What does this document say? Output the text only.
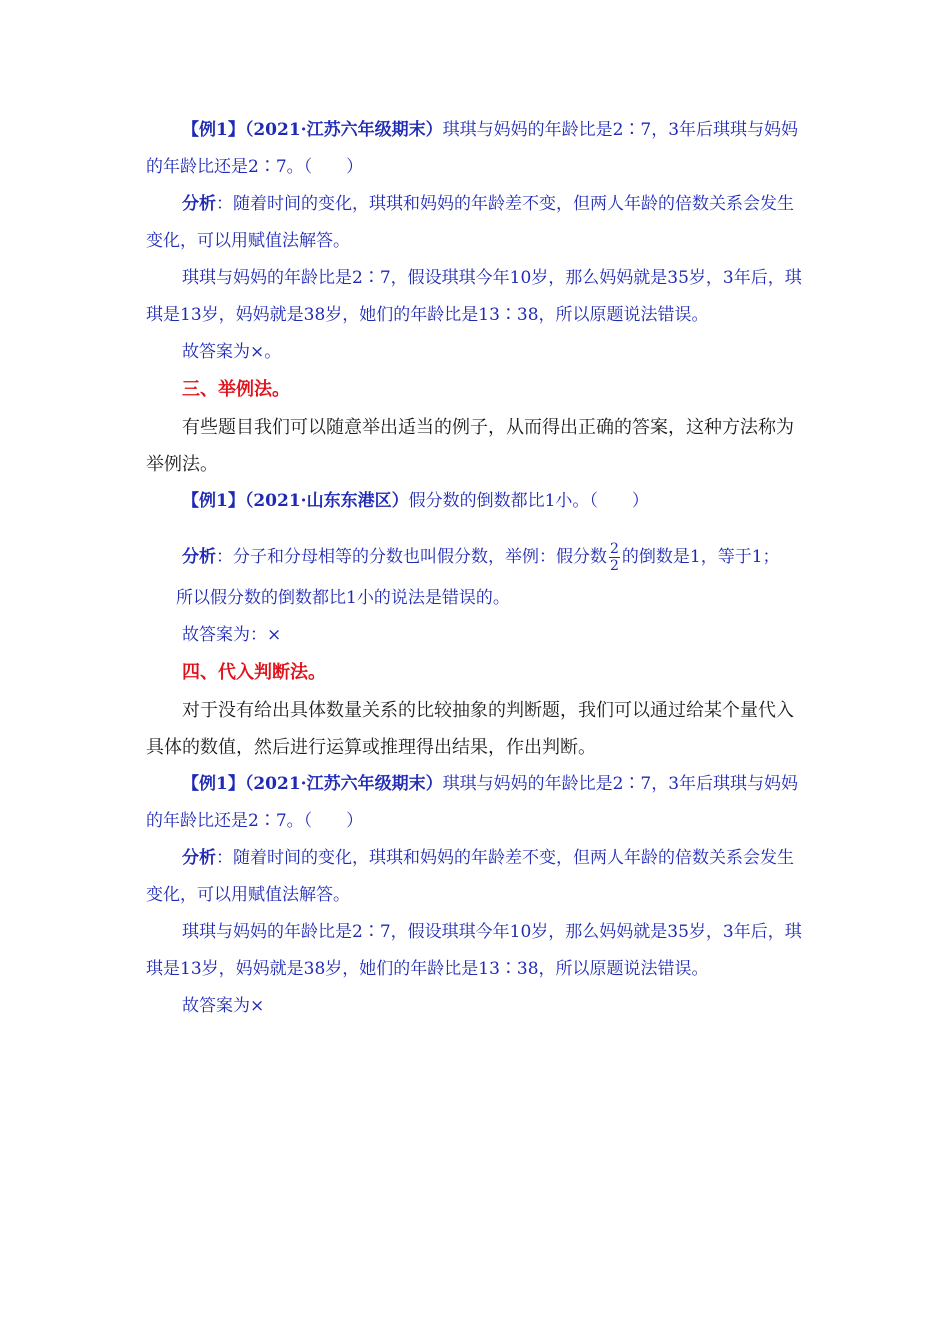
【例1】（2021·江苏六年级期末）琪琪与妈妈的年龄比是2∶7，3年后琪琪与妈妈的年龄比还是2∶7。（　　）

分析：随着时间的变化，琪琪和妈妈的年龄差不变，但两人年龄的倍数关系会发生变化，可以用赋值法解答。

琪琪与妈妈的年龄比是2∶7，假设琪琪今年10岁，那么妈妈就是35岁，3年后，琪琪是13岁，妈妈就是38岁，她们的年龄比是13∶38，所以原题说法错误。

故答案为×。

三、举例法。

有些题目我们可以随意举出适当的例子，从而得出正确的答案，这种方法称为举例法。

【例1】（2021·山东东港区）假分数的倒数都比1小。（　　）

分析：分子和分母相等的分数也叫假分数，举例：假分数 $\frac{2}{2}$ 的倒数是1，等于1；

所以假分数的倒数都比1小的说法是错误的。

故答案为：×

四、代入判断法。

对于没有给出具体数量关系的比较抽象的判断题，我们可以通过给某个量代入具体的数值，然后进行运算或推理得出结果，作出判断。

【例1】（2021·江苏六年级期末）琪琪与妈妈的年龄比是2∶7，3年后琪琪与妈妈的年龄比还是2∶7。（　　）

分析：随着时间的变化，琪琪和妈妈的年龄差不变，但两人年龄的倍数关系会发生变化，可以用赋值法解答。

琪琪与妈妈的年龄比是2∶7，假设琪琪今年10岁，那么妈妈就是35岁，3年后，琪琪是13岁，妈妈就是38岁，她们的年龄比是13∶38，所以原题说法错误。

故答案为×
